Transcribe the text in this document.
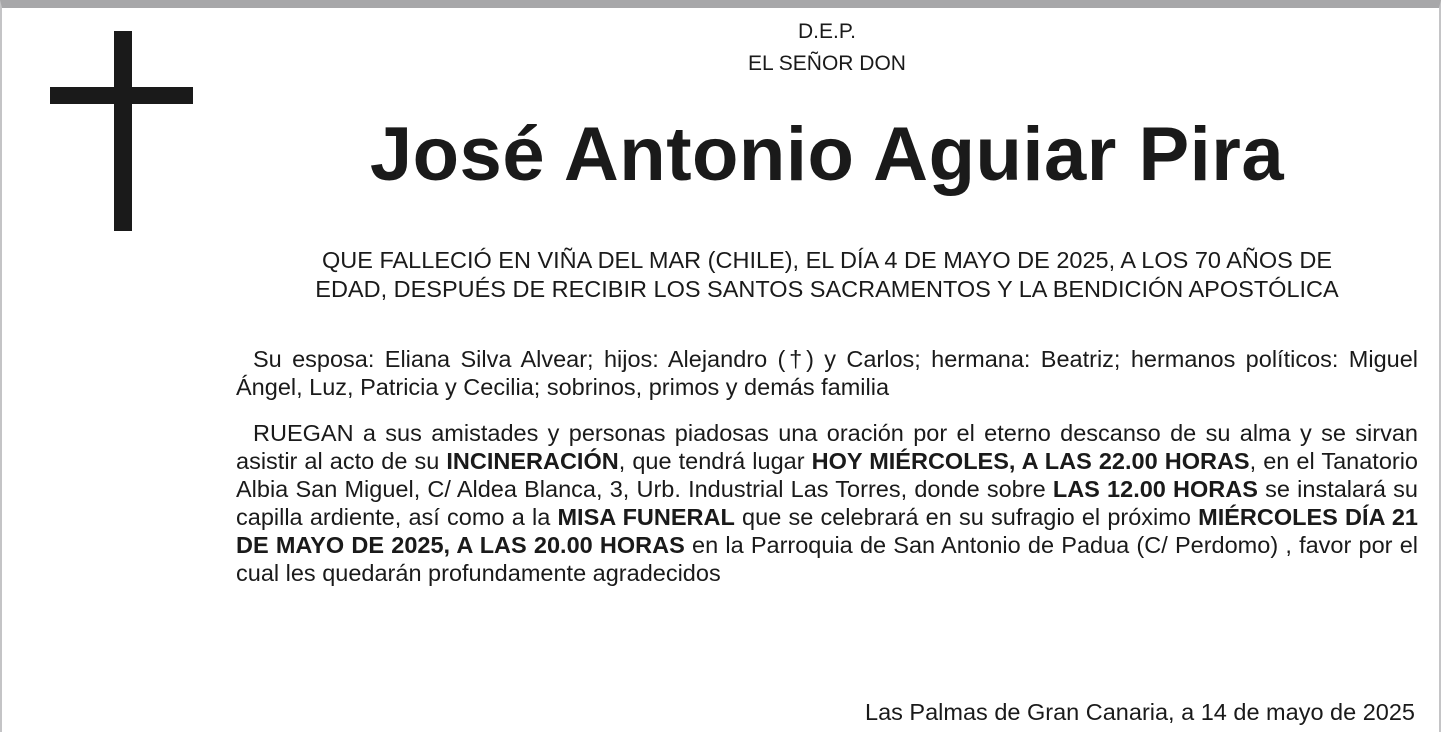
D.E.P.
EL SEÑOR DON
José Antonio Aguiar Pira
QUE FALLECIÓ EN VIÑA DEL MAR (CHILE), EL DÍA 4 DE MAYO DE 2025, A LOS 70 AÑOS DE
EDAD, DESPUÉS DE RECIBIR LOS SANTOS SACRAMENTOS Y LA BENDICIÓN APOSTÓLICA

Su esposa: Eliana Silva Alvear; hijos: Alejandro (†) y Carlos; hermana: Beatriz; hermanos políticos: Miguel Ángel, Luz, Patricia y Cecilia; sobrinos, primos y demás familia

RUEGAN a sus amistades y personas piadosas una oración por el eterno descanso de su alma y se sirvan asistir al acto de su INCINERACIÓN, que tendrá lugar HOY MIÉRCOLES, A LAS 22.00 HORAS, en el Tanatorio Albia San Miguel, C/ Aldea Blanca, 3, Urb. Industrial Las Torres, donde sobre LAS 12.00 HORAS se instalará su capilla ardiente, así como a la MISA FUNERAL que se celebrará en su sufragio el próximo MIÉRCOLES DÍA 21 DE MAYO DE 2025, A LAS 20.00 HORAS en la Parroquia de San Antonio de Padua (C/ Perdomo) , favor por el cual les quedarán profundamente agradecidos

Las Palmas de Gran Canaria, a 14 de mayo de 2025
